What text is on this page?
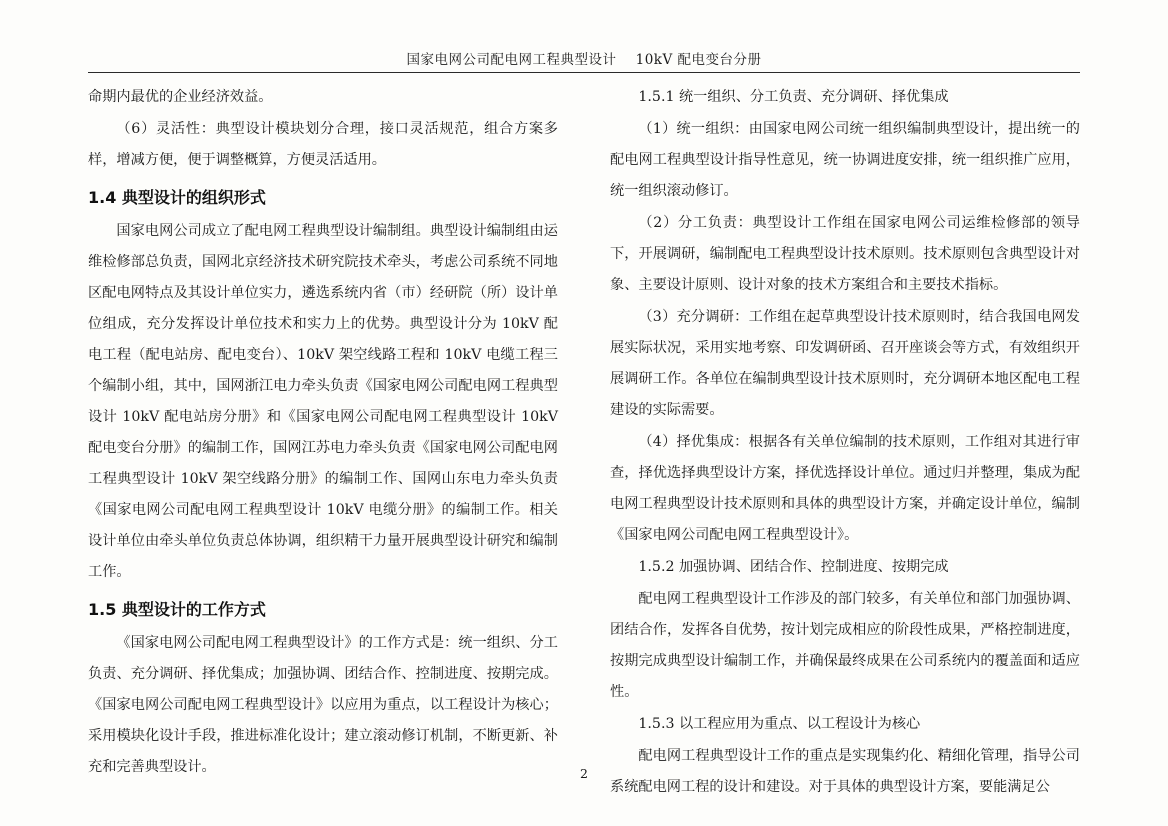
国家电网公司配电网工程典型设计    10kV 配电变台分册

命期内最优的企业经济效益。

（6）灵活性：典型设计模块划分合理，接口灵活规范，组合方案多样，增减方便，便于调整概算，方便灵活适用。

1.4 典型设计的组织形式

国家电网公司成立了配电网工程典型设计编制组。典型设计编制组由运维检修部总负责，国网北京经济技术研究院技术牵头，考虑公司系统不同地区配电网特点及其设计单位实力，遴选系统内省（市）经研院（所）设计单位组成，充分发挥设计单位技术和实力上的优势。典型设计分为 10kV 配电工程（配电站房、配电变台）、10kV 架空线路工程和 10kV 电缆工程三个编制小组，其中，国网浙江电力牵头负责《国家电网公司配电网工程典型设计 10kV 配电站房分册》和《国家电网公司配电网工程典型设计 10kV 配电变台分册》的编制工作，国网江苏电力牵头负责《国家电网公司配电网工程典型设计 10kV 架空线路分册》的编制工作、国网山东电力牵头负责《国家电网公司配电网工程典型设计 10kV 电缆分册》的编制工作。相关设计单位由牵头单位负责总体协调，组织精干力量开展典型设计研究和编制工作。

1.5 典型设计的工作方式

《国家电网公司配电网工程典型设计》的工作方式是：统一组织、分工负责、充分调研、择优集成；加强协调、团结合作、控制进度、按期完成。《国家电网公司配电网工程典型设计》以应用为重点，以工程设计为核心；采用模块化设计手段，推进标准化设计；建立滚动修订机制，不断更新、补充和完善典型设计。

1.5.1 统一组织、分工负责、充分调研、择优集成

（1）统一组织：由国家电网公司统一组织编制典型设计，提出统一的配电网工程典型设计指导性意见，统一协调进度安排，统一组织推广应用，统一组织滚动修订。

（2）分工负责：典型设计工作组在国家电网公司运维检修部的领导下，开展调研，编制配电工程典型设计技术原则。技术原则包含典型设计对象、主要设计原则、设计对象的技术方案组合和主要技术指标。

（3）充分调研：工作组在起草典型设计技术原则时，结合我国电网发展实际状况，采用实地考察、印发调研函、召开座谈会等方式，有效组织开展调研工作。各单位在编制典型设计技术原则时，充分调研本地区配电工程建设的实际需要。

（4）择优集成：根据各有关单位编制的技术原则，工作组对其进行审查，择优选择典型设计方案，择优选择设计单位。通过归并整理，集成为配电网工程典型设计技术原则和具体的典型设计方案，并确定设计单位，编制《国家电网公司配电网工程典型设计》。

1.5.2 加强协调、团结合作、控制进度、按期完成

配电网工程典型设计工作涉及的部门较多，有关单位和部门加强协调、团结合作，发挥各自优势，按计划完成相应的阶段性成果，严格控制进度，按期完成典型设计编制工作，并确保最终成果在公司系统内的覆盖面和适应性。

1.5.3 以工程应用为重点、以工程设计为核心

配电网工程典型设计工作的重点是实现集约化、精细化管理，指导公司系统配电网工程的设计和建设。对于具体的典型设计方案，要能满足公

2
